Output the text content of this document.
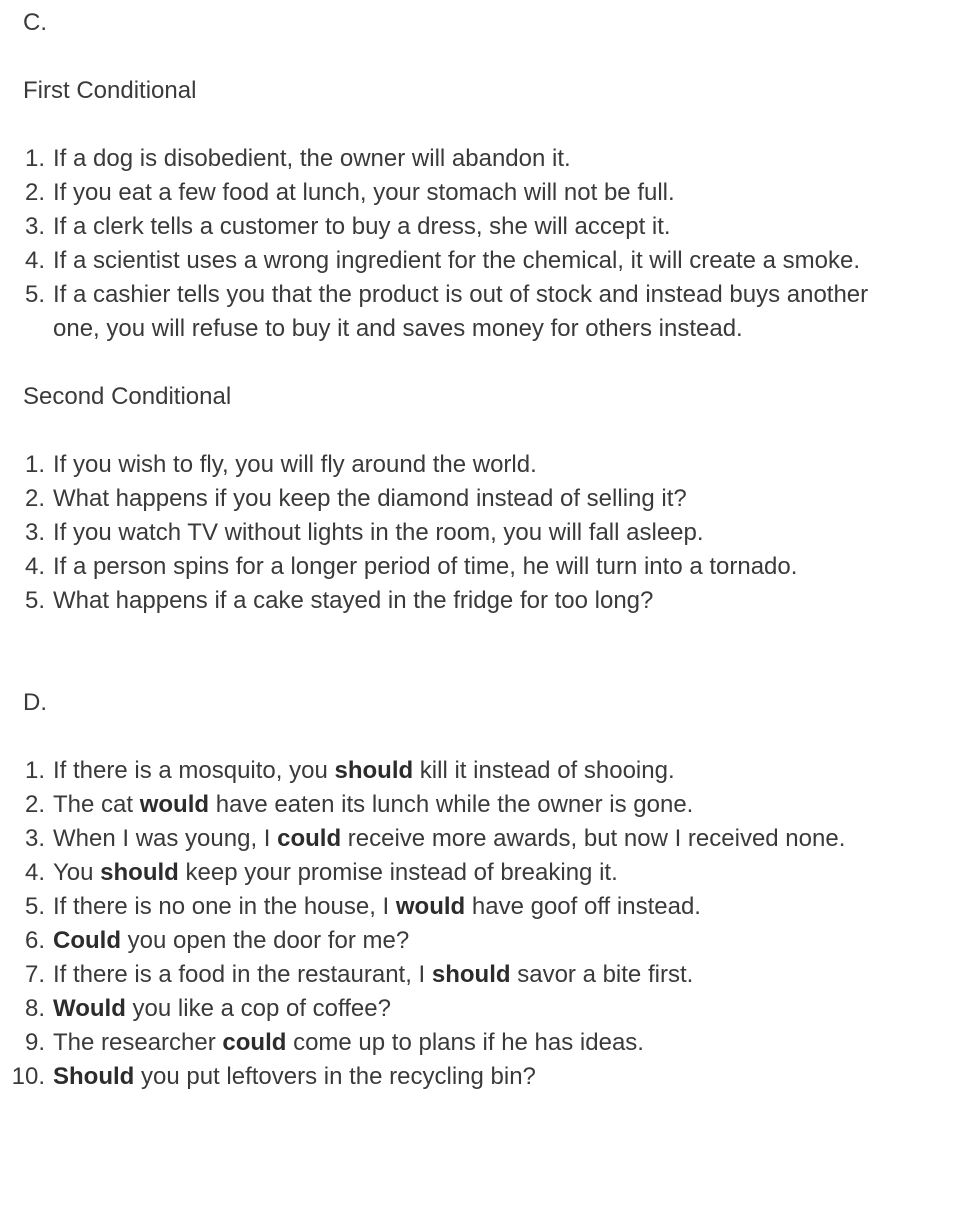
C.
First Conditional
1. If a dog is disobedient, the owner will abandon it.
2. If you eat a few food at lunch, your stomach will not be full.
3. If a clerk tells a customer to buy a dress, she will accept it.
4. If a scientist uses a wrong ingredient for the chemical, it will create a smoke.
5. If a cashier tells you that the product is out of stock and instead buys another one, you will refuse to buy it and saves money for others instead.
Second Conditional
1. If you wish to fly, you will fly around the world.
2. What happens if you keep the diamond instead of selling it?
3. If you watch TV without lights in the room, you will fall asleep.
4. If a person spins for a longer period of time, he will turn into a tornado.
5. What happens if a cake stayed in the fridge for too long?
D.
1. If there is a mosquito, you should kill it instead of shooing.
2. The cat would have eaten its lunch while the owner is gone.
3. When I was young, I could receive more awards, but now I received none.
4. You should keep your promise instead of breaking it.
5. If there is no one in the house, I would have goof off instead.
6. Could you open the door for me?
7. If there is a food in the restaurant, I should savor a bite first.
8. Would you like a cop of coffee?
9. The researcher could come up to plans if he has ideas.
10. Should you put leftovers in the recycling bin?
